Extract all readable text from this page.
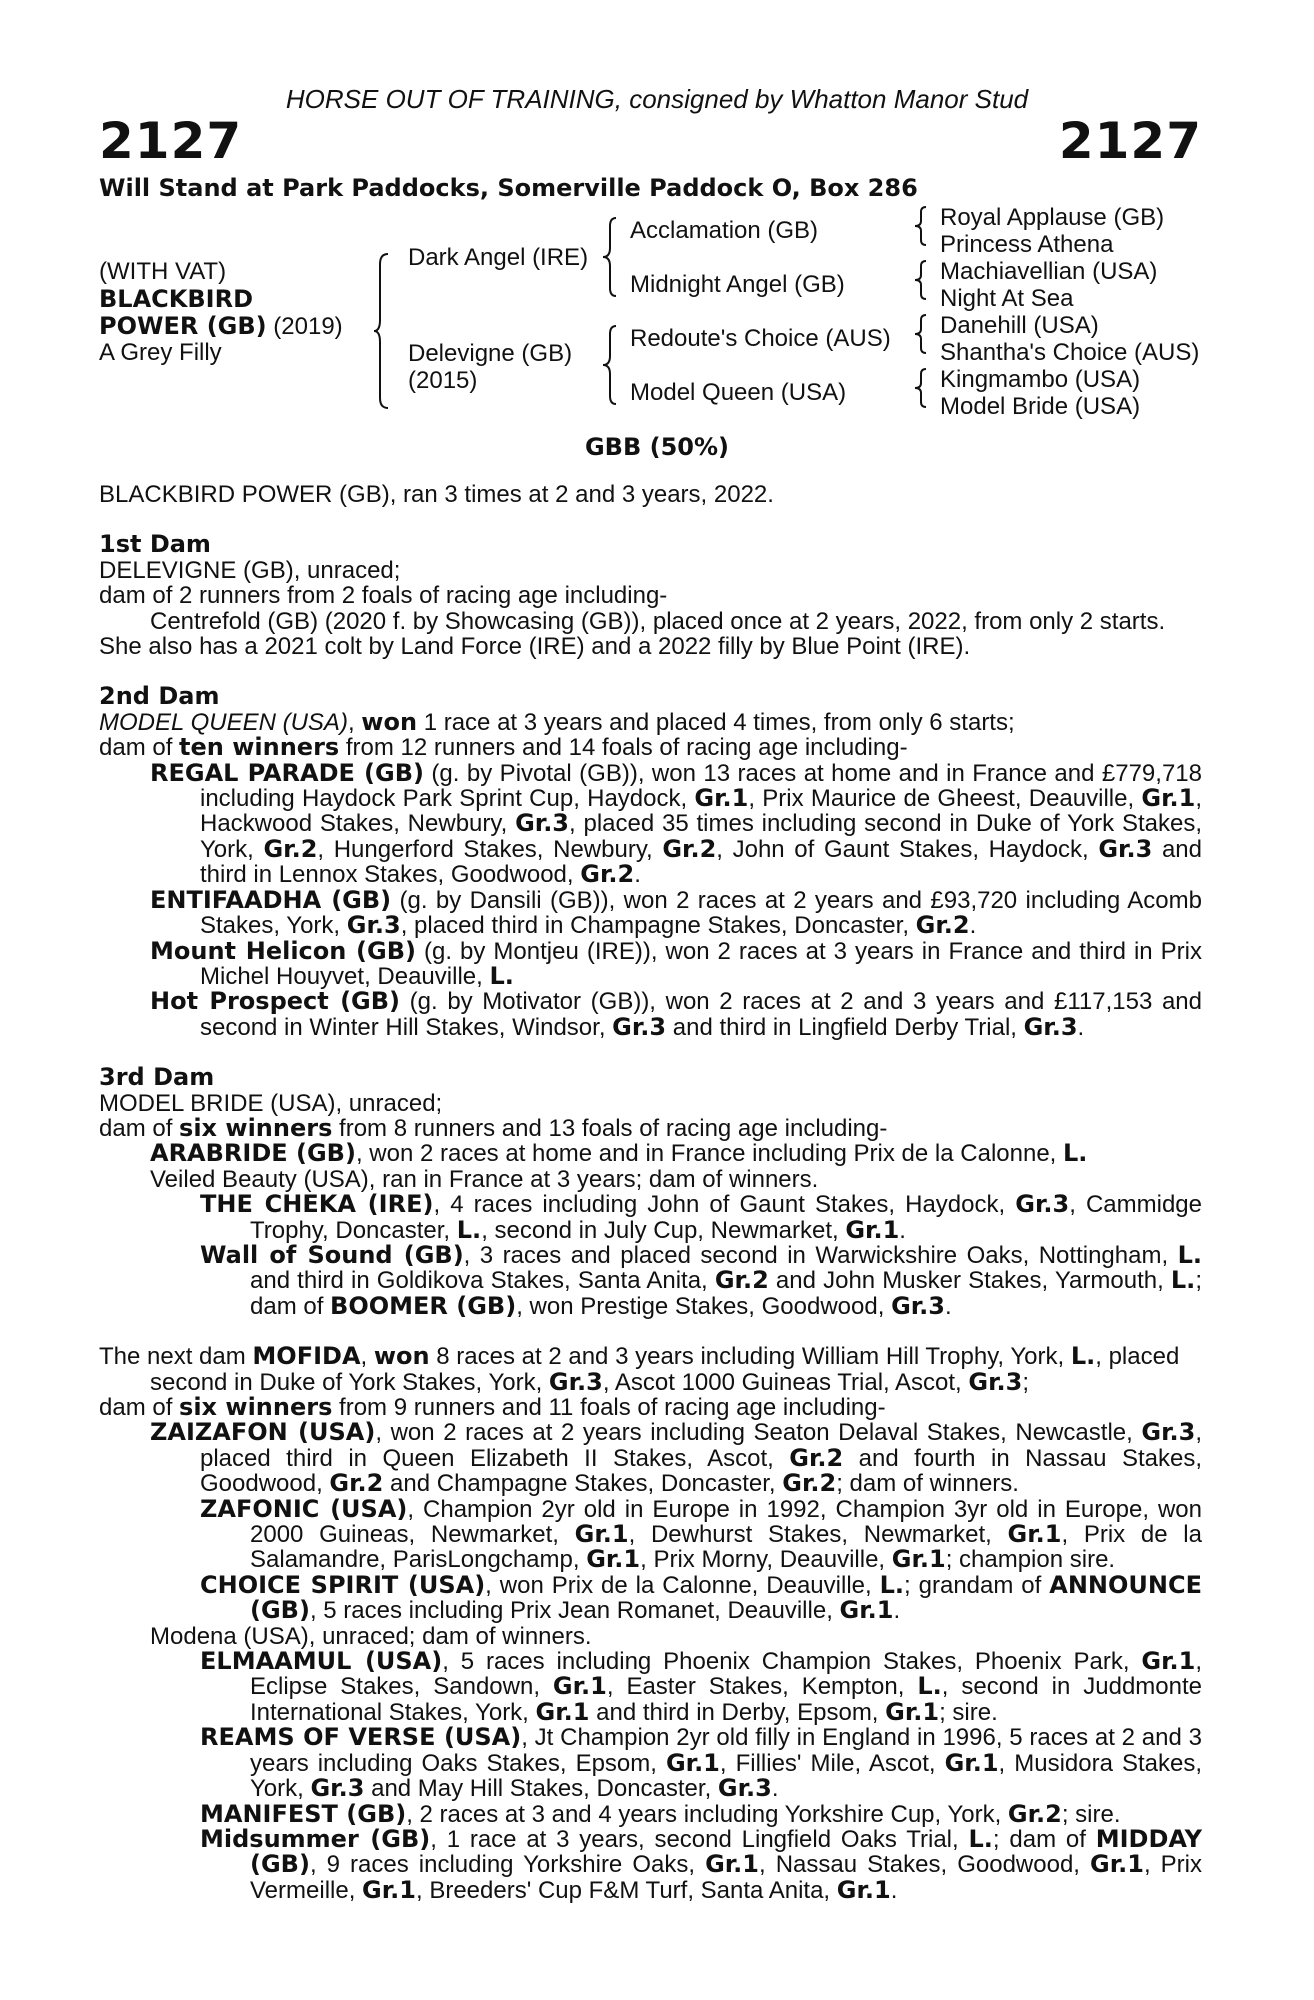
HORSE OUT OF TRAINING, consigned by Whatton Manor Stud
2127	2127
Will Stand at Park Paddocks, Somerville Paddock O, Box 286
(WITH VAT)
BLACKBIRD
POWER (GB) (2019)
A Grey Filly
Dark Angel (IRE)
Delevigne (GB)
(2015)
Acclamation (GB)
Midnight Angel (GB)
Redoute's Choice (AUS)
Model Queen (USA)
Royal Applause (GB)
Princess Athena
Machiavellian (USA)
Night At Sea
Danehill (USA)
Shantha's Choice (AUS)
Kingmambo (USA)
Model Bride (USA)
GBB (50%)

BLACKBIRD POWER (GB), ran 3 times at 2 and 3 years, 2022.

1st Dam

DELEVIGNE (GB), unraced;

dam of 2 runners from 2 foals of racing age including-

Centrefold (GB) (2020 f. by Showcasing (GB)), placed once at 2 years, 2022, from only 2 starts.

She also has a 2021 colt by Land Force (IRE) and a 2022 filly by Blue Point (IRE).

2nd Dam

MODEL QUEEN (USA), won 1 race at 3 years and placed 4 times, from only 6 starts;

dam of ten winners from 12 runners and 14 foals of racing age including-

REGAL PARADE (GB) (g. by Pivotal (GB)), won 13 races at home and in France and £779,718 including Haydock Park Sprint Cup, Haydock, Gr.1, Prix Maurice de Gheest, Deauville, Gr.1, Hackwood Stakes, Newbury, Gr.3, placed 35 times including second in Duke of York Stakes, York, Gr.2, Hungerford Stakes, Newbury, Gr.2, John of Gaunt Stakes, Haydock, Gr.3 and third in Lennox Stakes, Goodwood, Gr.2.

ENTIFAADHA (GB) (g. by Dansili (GB)), won 2 races at 2 years and £93,720 including Acomb Stakes, York, Gr.3, placed third in Champagne Stakes, Doncaster, Gr.2.

Mount Helicon (GB) (g. by Montjeu (IRE)), won 2 races at 3 years in France and third in Prix Michel Houyvet, Deauville, L.

Hot Prospect (GB) (g. by Motivator (GB)), won 2 races at 2 and 3 years and £117,153 and second in Winter Hill Stakes, Windsor, Gr.3 and third in Lingfield Derby Trial, Gr.3.

3rd Dam

MODEL BRIDE (USA), unraced;

dam of six winners from 8 runners and 13 foals of racing age including-

ARABRIDE (GB), won 2 races at home and in France including Prix de la Calonne, L.

Veiled Beauty (USA), ran in France at 3 years; dam of winners.

THE CHEKA (IRE), 4 races including John of Gaunt Stakes, Haydock, Gr.3, Cammidge Trophy, Doncaster, L., second in July Cup, Newmarket, Gr.1.

Wall of Sound (GB), 3 races and placed second in Warwickshire Oaks, Nottingham, L. and third in Goldikova Stakes, Santa Anita, Gr.2 and John Musker Stakes, Yarmouth, L.; dam of BOOMER (GB), won Prestige Stakes, Goodwood, Gr.3.

The next dam MOFIDA, won 8 races at 2 and 3 years including William Hill Trophy, York, L., placed second in Duke of York Stakes, York, Gr.3, Ascot 1000 Guineas Trial, Ascot, Gr.3;

dam of six winners from 9 runners and 11 foals of racing age including-

ZAIZAFON (USA), won 2 races at 2 years including Seaton Delaval Stakes, Newcastle, Gr.3, placed third in Queen Elizabeth II Stakes, Ascot, Gr.2 and fourth in Nassau Stakes, Goodwood, Gr.2 and Champagne Stakes, Doncaster, Gr.2; dam of winners.

ZAFONIC (USA), Champion 2yr old in Europe in 1992, Champion 3yr old in Europe, won 2000 Guineas, Newmarket, Gr.1, Dewhurst Stakes, Newmarket, Gr.1, Prix de la Salamandre, ParisLongchamp, Gr.1, Prix Morny, Deauville, Gr.1; champion sire.

CHOICE SPIRIT (USA), won Prix de la Calonne, Deauville, L.; grandam of ANNOUNCE (GB), 5 races including Prix Jean Romanet, Deauville, Gr.1.

Modena (USA), unraced; dam of winners.

ELMAAMUL (USA), 5 races including Phoenix Champion Stakes, Phoenix Park, Gr.1, Eclipse Stakes, Sandown, Gr.1, Easter Stakes, Kempton, L., second in Juddmonte International Stakes, York, Gr.1 and third in Derby, Epsom, Gr.1; sire.

REAMS OF VERSE (USA), Jt Champion 2yr old filly in England in 1996, 5 races at 2 and 3 years including Oaks Stakes, Epsom, Gr.1, Fillies' Mile, Ascot, Gr.1, Musidora Stakes, York, Gr.3 and May Hill Stakes, Doncaster, Gr.3.

MANIFEST (GB), 2 races at 3 and 4 years including Yorkshire Cup, York, Gr.2; sire.

Midsummer (GB), 1 race at 3 years, second Lingfield Oaks Trial, L.; dam of MIDDAY (GB), 9 races including Yorkshire Oaks, Gr.1, Nassau Stakes, Goodwood, Gr.1, Prix Vermeille, Gr.1, Breeders' Cup F&M Turf, Santa Anita, Gr.1.
